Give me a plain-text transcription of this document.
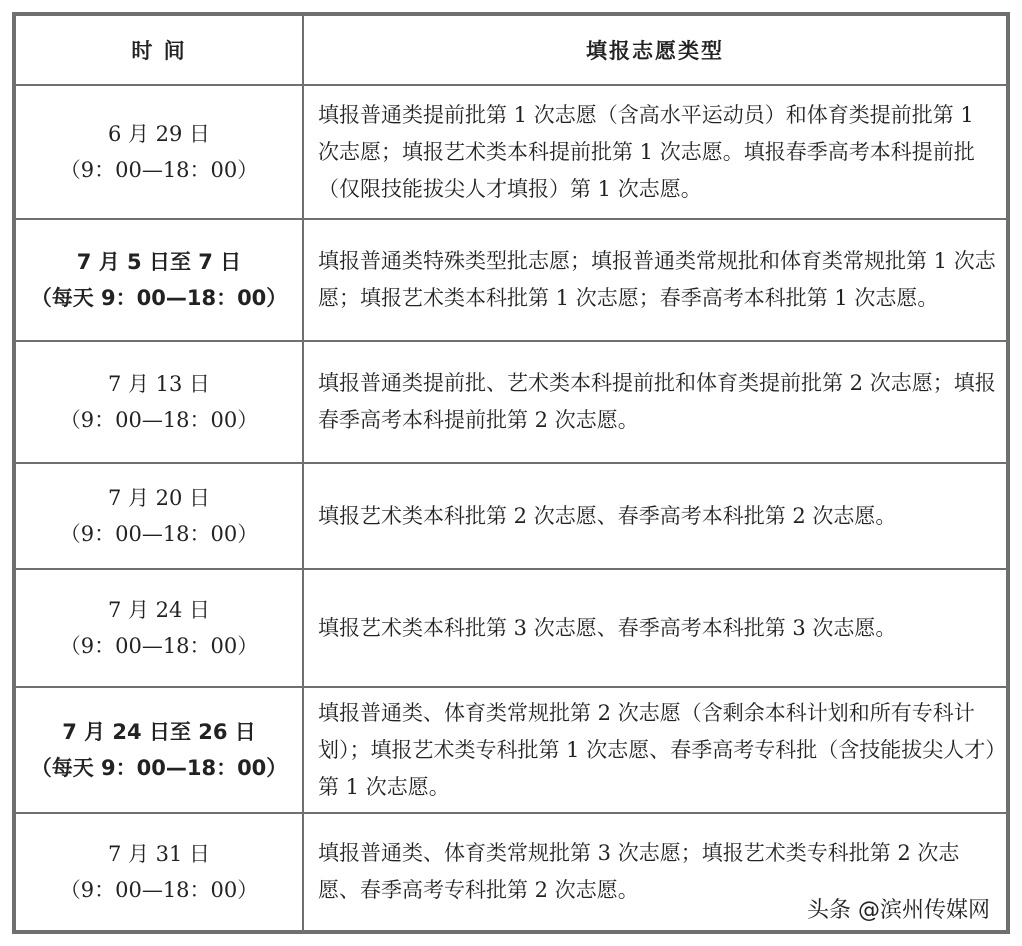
时 间	填报志愿类型

6 月 29 日
（9：00—18：00）	填报普通类提前批第 1 次志愿（含高水平运动员）和体育类提前批第 1 次志愿；填报艺术类本科提前批第 1 次志愿。填报春季高考本科提前批（仅限技能拔尖人才填报）第 1 次志愿。

7 月 5 日至 7 日
（每天 9：00—18：00）	填报普通类特殊类型批志愿；填报普通类常规批和体育类常规批第 1 次志愿；填报艺术类本科批第 1 次志愿；春季高考本科批第 1 次志愿。

7 月 13 日
（9：00—18：00）	填报普通类提前批、艺术类本科提前批和体育类提前批第 2 次志愿；填报春季高考本科提前批第 2 次志愿。

7 月 20 日
（9：00—18：00）	填报艺术类本科批第 2 次志愿、春季高考本科批第 2 次志愿。

7 月 24 日
（9：00—18：00）	填报艺术类本科批第 3 次志愿、春季高考本科批第 3 次志愿。

7 月 24 日至 26 日
（每天 9：00—18：00）	填报普通类、体育类常规批第 2 次志愿（含剩余本科计划和所有专科计划）；填报艺术类专科批第 1 次志愿、春季高考专科批（含技能拔尖人才）第 1 次志愿。

7 月 31 日
（9：00—18：00）	填报普通类、体育类常规批第 3 次志愿；填报艺术类专科批第 2 次志愿、春季高考专科批第 2 次志愿。
头条 @滨州传媒网
